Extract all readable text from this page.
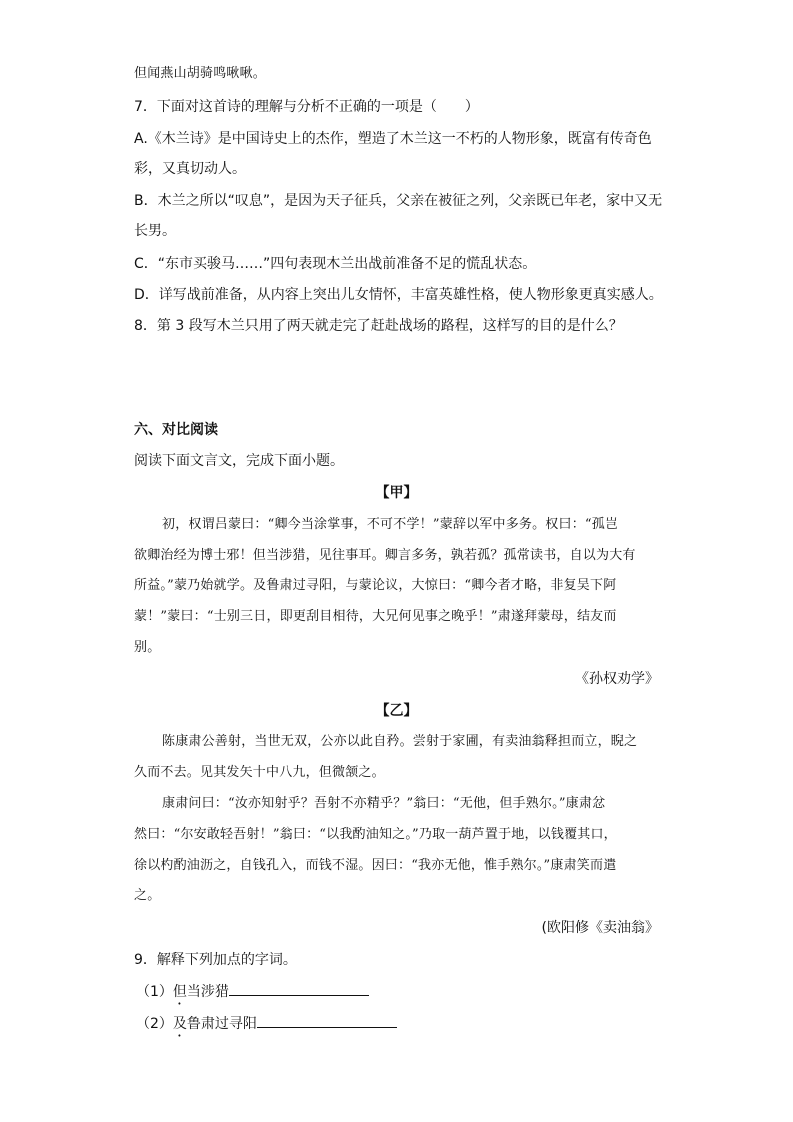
但闻燕山胡骑鸣啾啾。
7．下面对这首诗的理解与分析不正确的一项是（　　）
A.《木兰诗》是中国诗史上的杰作，塑造了木兰这一不朽的人物形象，既富有传奇色
彩，又真切动人。
B．木兰之所以“叹息”，是因为天子征兵，父亲在被征之列，父亲既已年老，家中又无
长男。
C．“东市买骏马……”四句表现木兰出战前准备不足的慌乱状态。
D．详写战前准备，从内容上突出儿女情怀，丰富英雄性格，使人物形象更真实感人。
8．第 3 段写木兰只用了两天就走完了赶赴战场的路程，这样写的目的是什么？
六、对比阅读
阅读下面文言文，完成下面小题。
【甲】
初，权谓吕蒙曰：“卿今当涂掌事，不可不学！”蒙辞以军中多务。权曰：“孤岂
欲卿治经为博士邪！但当涉猎，见往事耳。卿言多务，孰若孤？孤常读书，自以为大有
所益。”蒙乃始就学。及鲁肃过寻阳，与蒙论议，大惊曰：“卿今者才略，非复吴下阿
蒙！”蒙曰：“士别三日，即更刮目相待，大兄何见事之晚乎！”肃遂拜蒙母，结友而
别。
《孙权劝学》
【乙】
陈康肃公善射，当世无双，公亦以此自矜。尝射于家圃，有卖油翁释担而立，睨之
久而不去。见其发矢十中八九，但微颔之。
康肃问曰：“汝亦知射乎？吾射不亦精乎？”翁曰：“无他，但手熟尔。”康肃忿
然曰：“尔安敢轻吾射！”翁曰：“以我酌油知之。”乃取一葫芦置于地，以钱覆其口，
徐以杓酌油沥之，自钱孔入，而钱不湿。因曰：“我亦无他，惟手熟尔。”康肃笑而遣
之。
(欧阳修《卖油翁》
9．解释下列加点的字词。
（1）但当涉猎
（2）及鲁肃过寻阳
